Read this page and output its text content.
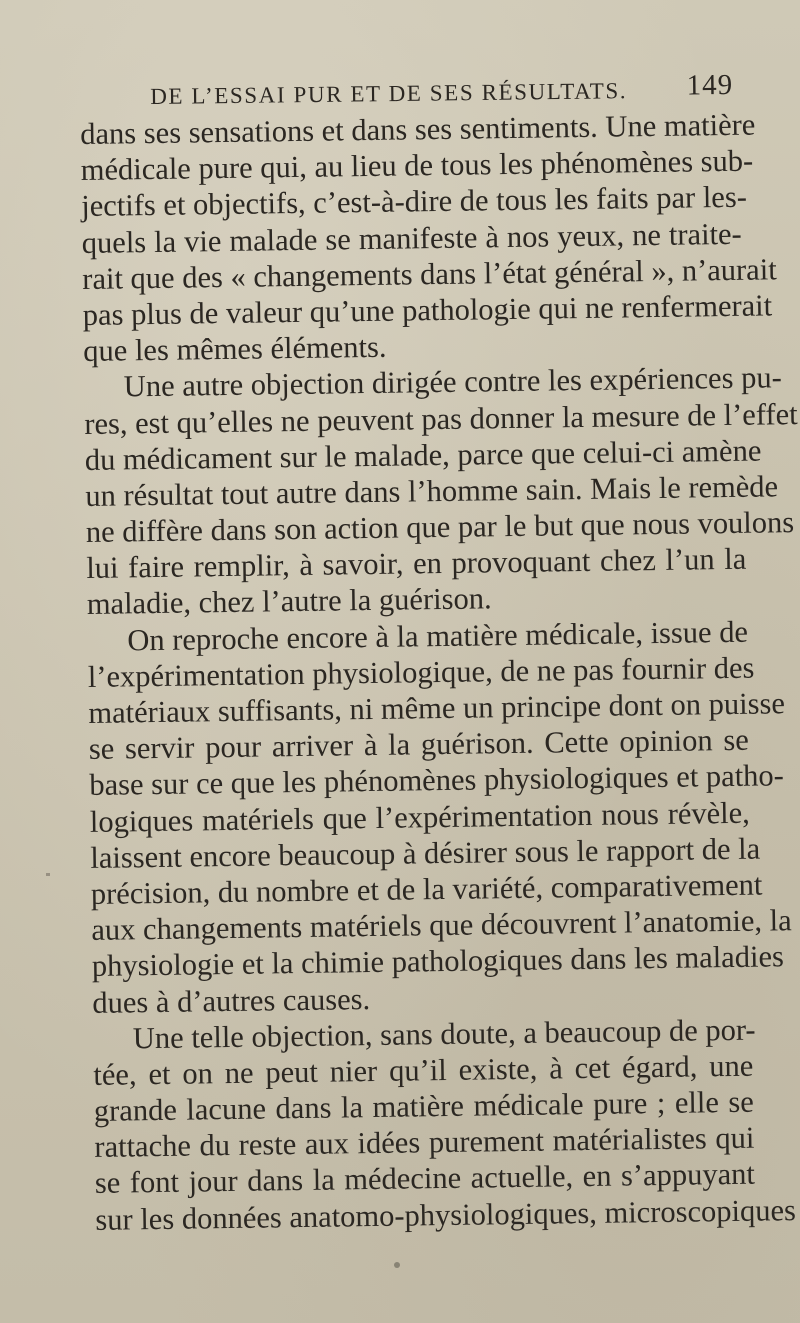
DE L’ESSAI PUR ET DE SES RÉSULTATS. 149
dans ses sensations et dans ses sentiments. Une matière
médicale pure qui, au lieu de tous les phénomènes sub-
jectifs et objectifs, c’est-à-dire de tous les faits par les-
quels la vie malade se manifeste à nos yeux, ne traite-
rait que des « changements dans l’état général », n’aurait
pas plus de valeur qu’une pathologie qui ne renfermerait
que les mêmes éléments.
Une autre objection dirigée contre les expériences pu-
res, est qu’elles ne peuvent pas donner la mesure de l’effet
du médicament sur le malade, parce que celui-ci amène
un résultat tout autre dans l’homme sain. Mais le remède
ne diffère dans son action que par le but que nous voulons
lui faire remplir, à savoir, en provoquant chez l’un la
maladie, chez l’autre la guérison.
On reproche encore à la matière médicale, issue de
l’expérimentation physiologique, de ne pas fournir des
matériaux suffisants, ni même un principe dont on puisse
se servir pour arriver à la guérison. Cette opinion se
base sur ce que les phénomènes physiologiques et patho-
logiques matériels que l’expérimentation nous révèle,
laissent encore beaucoup à désirer sous le rapport de la
précision, du nombre et de la variété, comparativement
aux changements matériels que découvrent l’anatomie, la
physiologie et la chimie pathologiques dans les maladies
dues à d’autres causes.
Une telle objection, sans doute, a beaucoup de por-
tée, et on ne peut nier qu’il existe, à cet égard, une
grande lacune dans la matière médicale pure ; elle se
rattache du reste aux idées purement matérialistes qui
se font jour dans la médecine actuelle, en s’appuyant
sur les données anatomo-physiologiques, microscopiques
